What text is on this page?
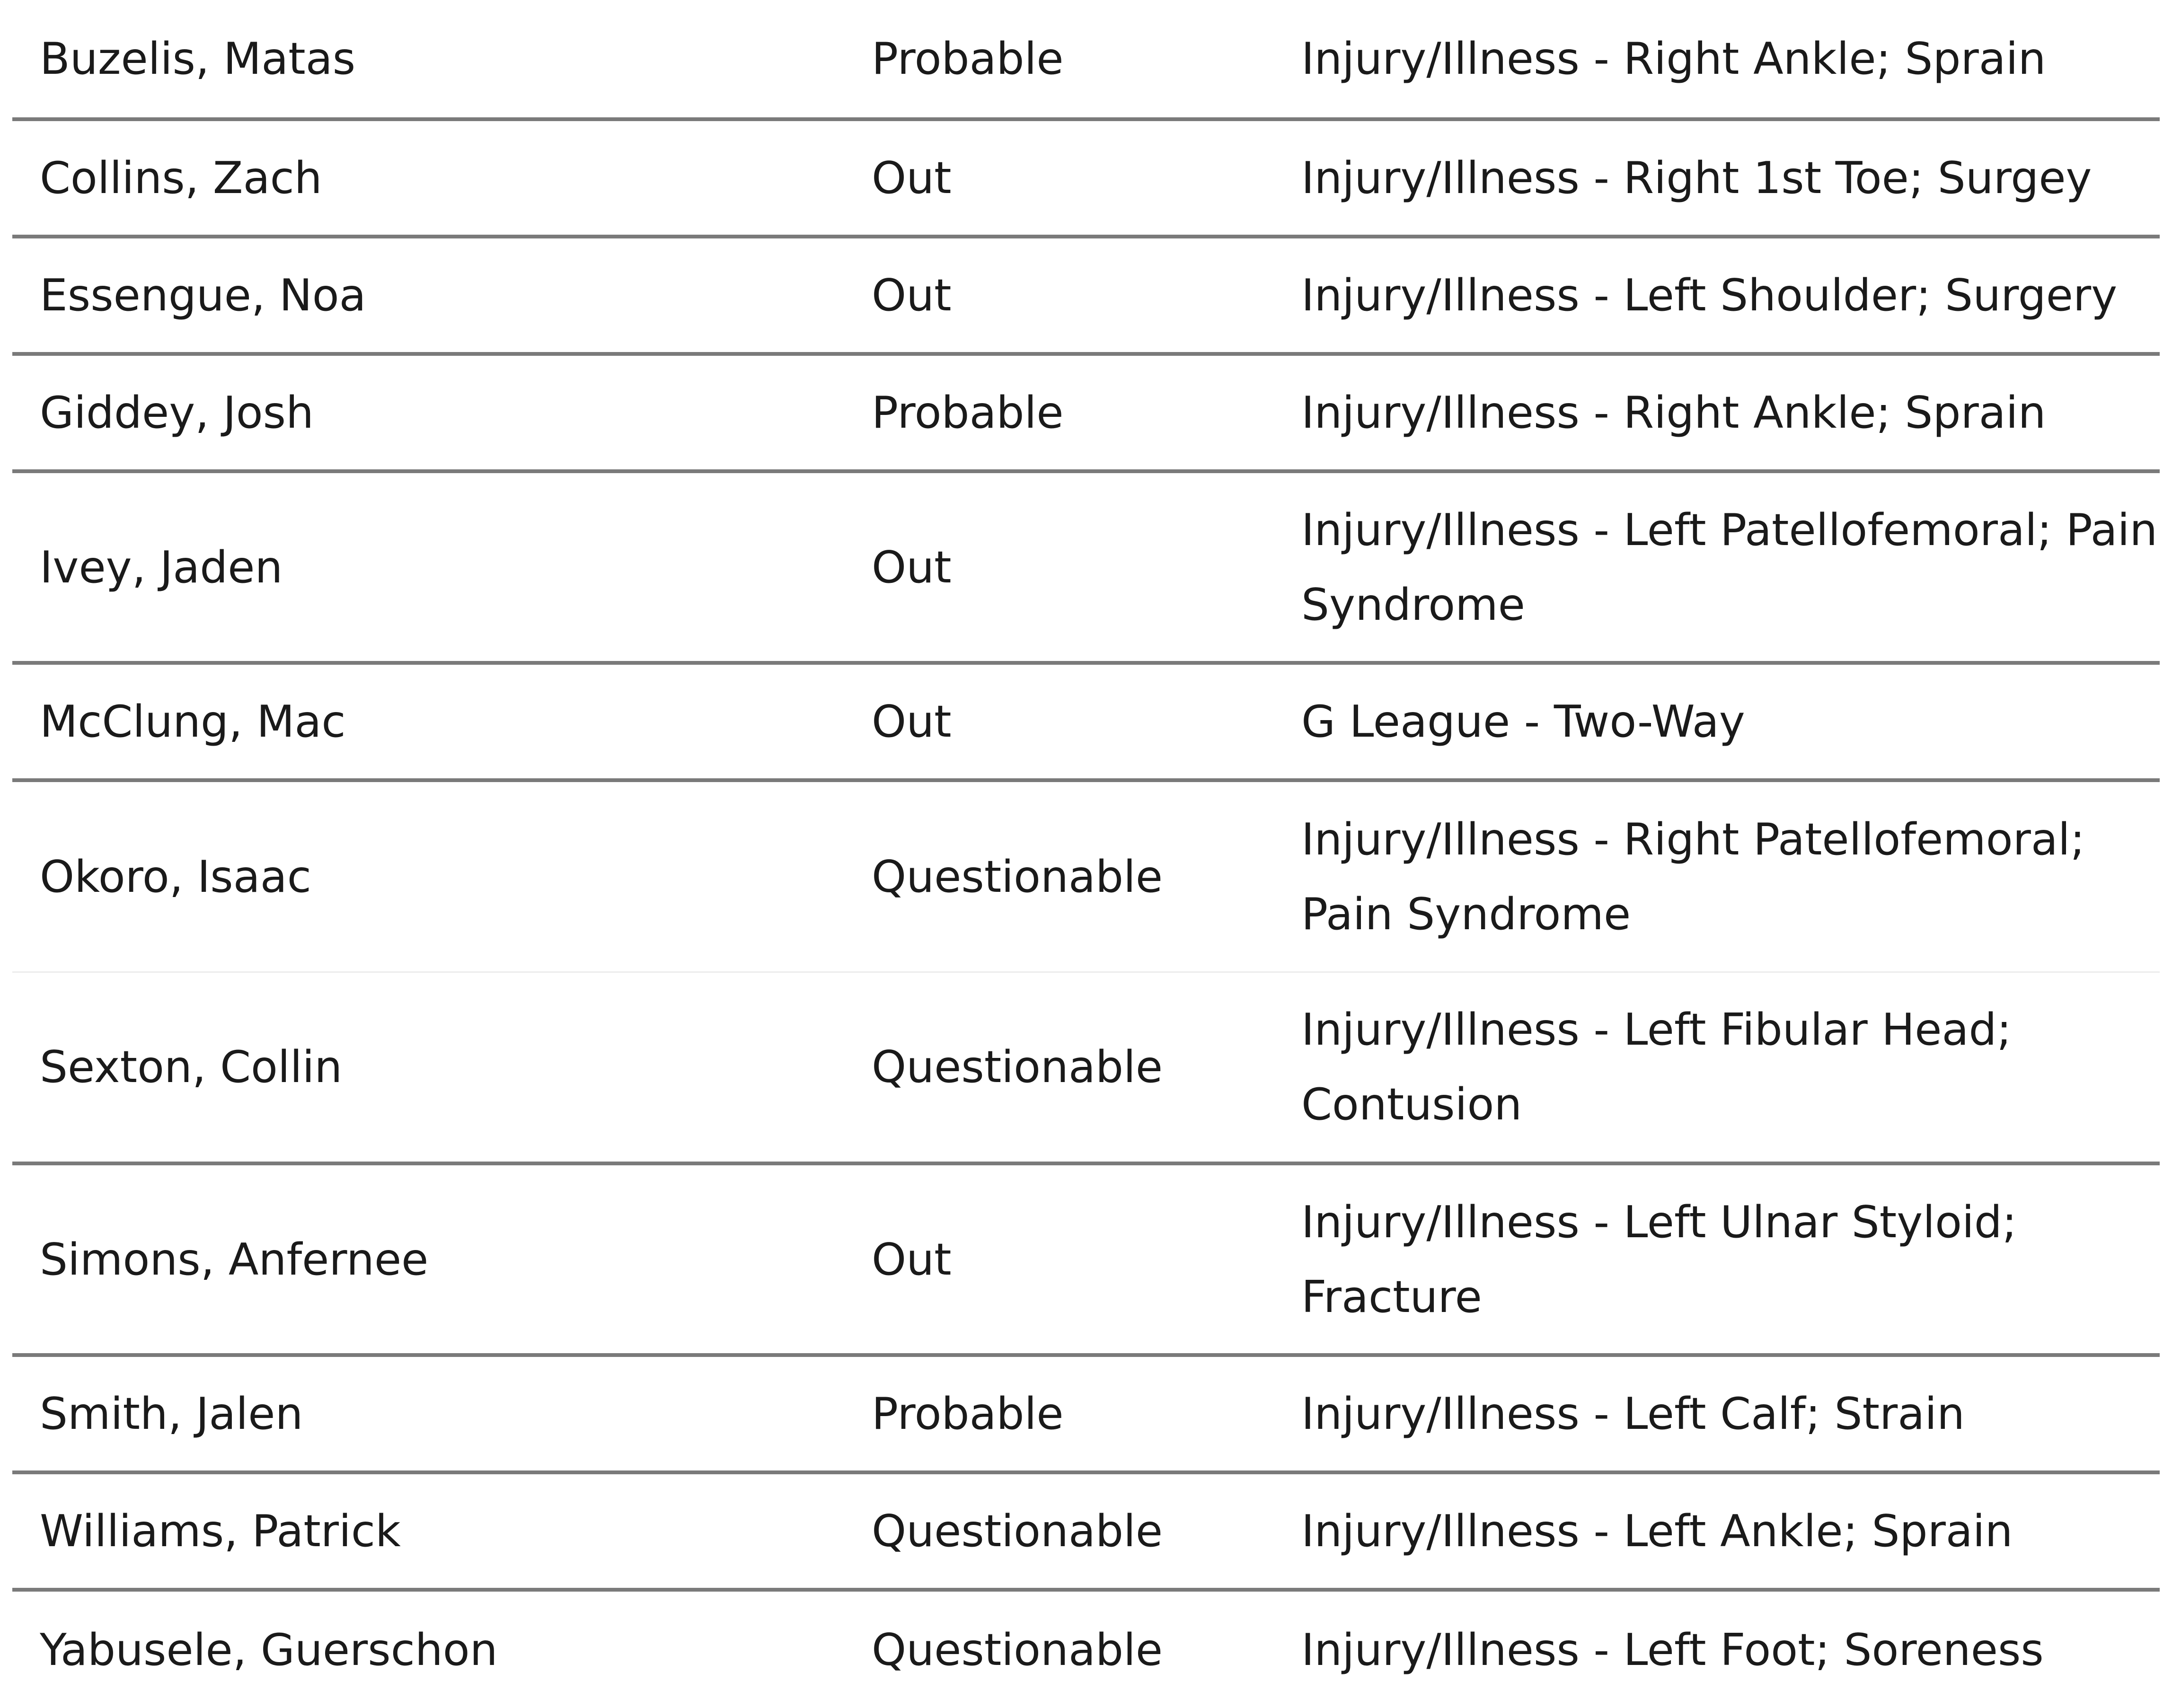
Buzelis, Matas	Probable	Injury/Illness - Right Ankle; Sprain
Collins, Zach	Out	Injury/Illness - Right 1st Toe; Surgey
Essengue, Noa	Out	Injury/Illness - Left Shoulder; Surgery
Giddey, Josh	Probable	Injury/Illness - Right Ankle; Sprain
Ivey, Jaden	Out	Injury/Illness - Left Patellofemoral; Pain Syndrome
McClung, Mac	Out	G League - Two-Way
Okoro, Isaac	Questionable	Injury/Illness - Right Patellofemoral; Pain Syndrome
Sexton, Collin	Questionable	Injury/Illness - Left Fibular Head; Contusion
Simons, Anfernee	Out	Injury/Illness - Left Ulnar Styloid; Fracture
Smith, Jalen	Probable	Injury/Illness - Left Calf; Strain
Williams, Patrick	Questionable	Injury/Illness - Left Ankle; Sprain
Yabusele, Guerschon	Questionable	Injury/Illness - Left Foot; Soreness
